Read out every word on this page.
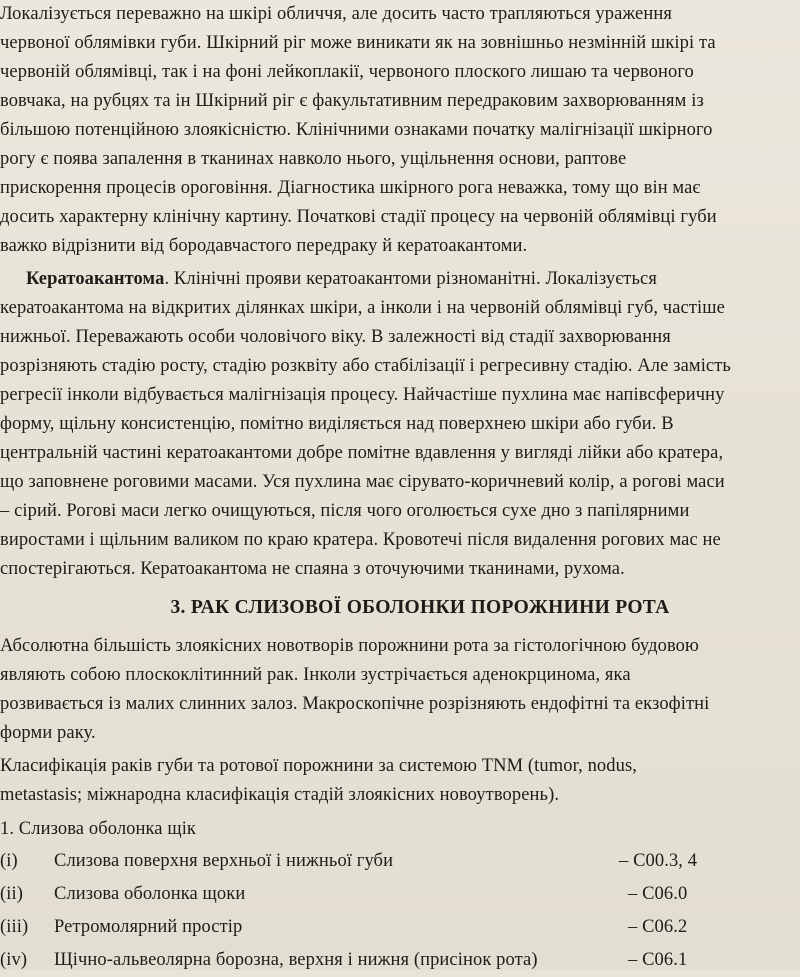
Локалізується переважно на шкірі обличчя, але досить часто трапляються ураження
червоної облямівки губи. Шкірний ріг може виникати як на зовнішньо незмінній шкірі та
червоній облямівці, так і на фоні лейкоплакії, червоного плоского лишаю та червоного
вовчака, на рубцях та ін Шкірний ріг є факультативним передраковим захворюванням із
більшою потенційною злоякісністю. Клінічними ознаками початку малігнізації шкірного
рогу є поява запалення в тканинах навколо нього, ущільнення основи, раптове
прискорення процесів ороговіння. Діагностика шкірного рога неважка, тому що він має
досить характерну клінічну картину. Початкові стадії процесу на червоній облямівці губи
важко відрізнити від бородавчастого передраку й кератоакантоми.
Кератоакантома. Клінічні прояви кератоакантоми різноманітні. Локалізується
кератоакантома на відкритих ділянках шкіри, а інколи і на червоній облямівці губ, частіше
нижньої. Переважають особи чоловічого віку. В залежності від стадії захворювання
розрізняють стадію росту, стадію розквіту або стабілізації і регресивну стадію. Але замість
регресії інколи відбувається малігнізація процесу. Найчастіше пухлина має напівсферичну
форму, щільну консистенцію, помітно виділяється над поверхнею шкіри або губи. В
центральній частині кератоакантоми добре помітне вдавлення у вигляді лійки або кратера,
що заповнене роговими масами. Уся пухлина має сірувато-коричневий колір, а рогові маси
– сірий. Рогові маси легко очищуються, після чого оголюється сухе дно з папілярними
виростами і щільним валиком по краю кратера. Кровотечі після видалення рогових мас не
спостерігаються. Кератоакантома не спаяна з оточуючими тканинами, рухома.
3. РАК СЛИЗОВОЇ ОБОЛОНКИ ПОРОЖНИНИ РОТА
Абсолютна більшість злоякісних новотворів порожнини рота за гістологічною будовою
являють собою плоскоклітинний рак. Інколи зустрічається аденокрцинома, яка
розвивається із малих слинних залоз. Макроскопічне розрізняють ендофітні та екзофітні
форми раку.
Класифікація раків губи та ротової порожнини за системою TNM (tumor, nodus,
metastasis; міжнародна класифікація стадій злоякісних новоутворень).
1. Слизова оболонка щік
(i) Слизова поверхня верхньої і нижньої губи	– C00.3, 4
(ii) Слизова оболонка щоки	– C06.0
(iii) Ретромолярний простір	– C06.2
(iv) Щічно-альвеолярна борозна, верхня і нижня (присінок рота)	– C06.1
